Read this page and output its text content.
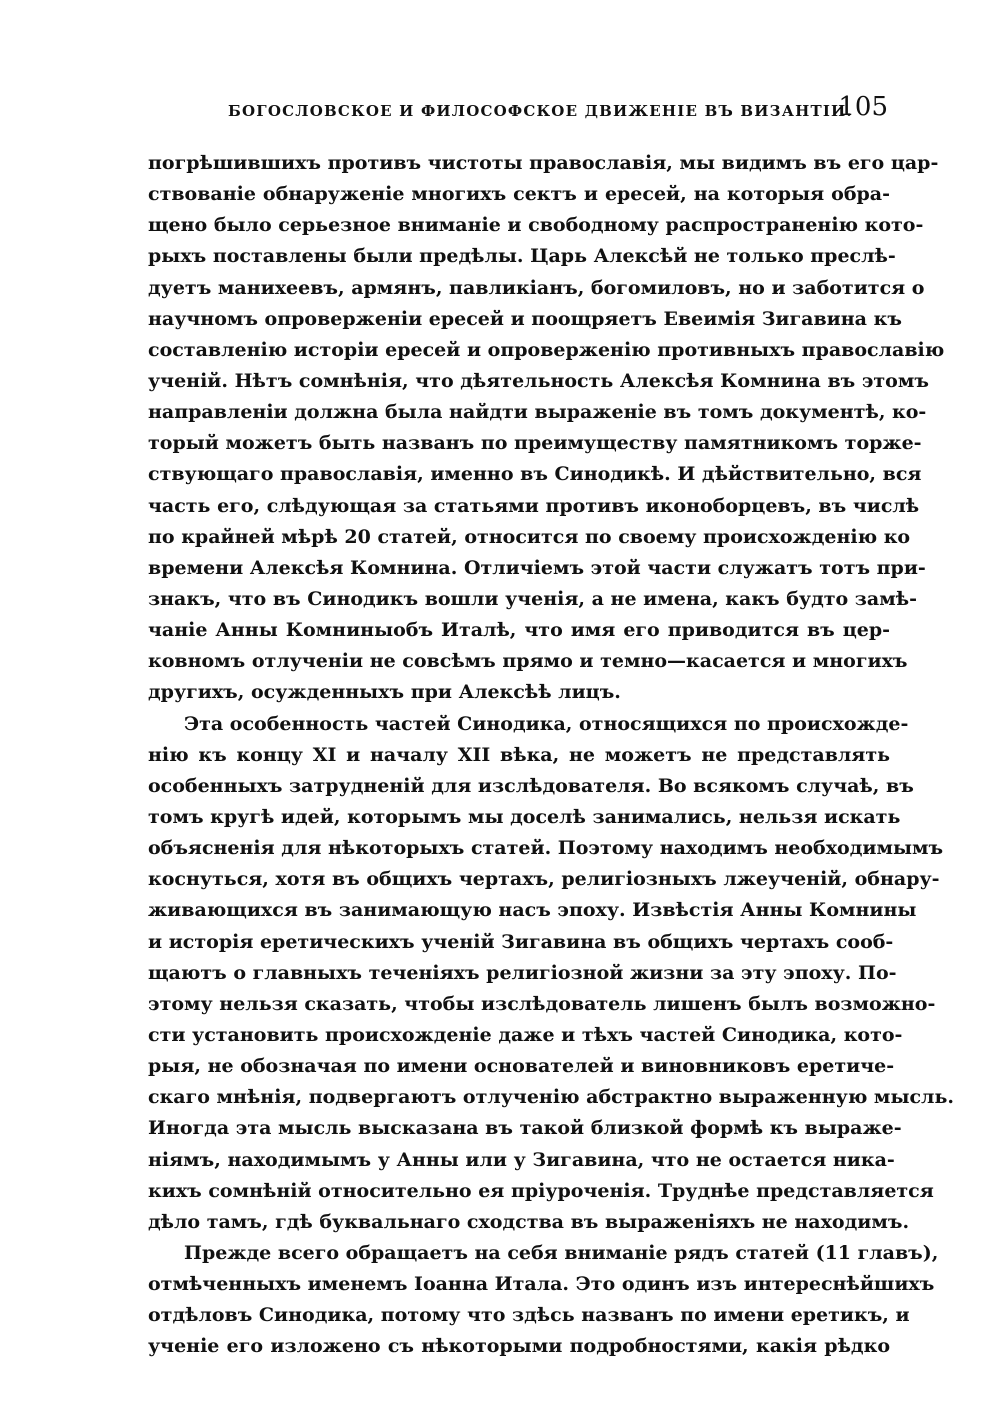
БОГОСЛОВСКОЕ И ФИЛОСОФСКОЕ ДВИЖЕНІЕ ВЪ ВИЗАНТІИ.
105
погрѣшившихъ противъ чистоты православія, мы видимъ въ его цар-
ствованіе обнаруженіе многихъ сектъ и ересей, на которыя обра-
щено было серьезное вниманіе и свободному распространенію кото-
рыхъ поставлены были предѣлы. Царь Алексѣй не только преслѣ-
дуетъ манихеевъ, армянъ, павликіанъ, богомиловъ, но и заботится о
научномъ опроверженіи ересей и поощряетъ Евеимія Зигавина къ
составленію исторіи ересей и опроверженію противныхъ православію
ученій. Нѣтъ сомнѣнія, что дѣятельность Алексѣя Комнина въ этомъ
направленіи должна была найдти выраженіе въ томъ документѣ, ко-
торый можетъ быть названъ по преимуществу памятникомъ торже-
ствующаго православія, именно въ Синодикѣ. И дѣйствительно, вся
часть его, слѣдующая за статьями противъ иконоборцевъ, въ числѣ
по крайней мѣрѣ 20 статей, относится по своему происхожденію ко
времени Алексѣя Комнина. Отличіемъ этой части служатъ тотъ при-
знакъ, что въ Синодикъ вошли ученія, а не имена, какъ будто замѣ-
чаніе Анны Комниныобъ Италѣ, что имя его приводится въ цер-
ковномъ отлученіи не совсѣмъ прямо и темно—касается и многихъ
другихъ, осужденныхъ при Алексѣѣ лицъ.
Эта особенность частей Синодика, относящихся по происхожде-
нію къ концу XI и началу XII вѣка, не можетъ не представлять
особенныхъ затрудненій для изслѣдователя. Во всякомъ случаѣ, въ
томъ кругѣ идей, которымъ мы доселѣ занимались, нельзя искать
объясненія для нѣкоторыхъ статей. Поэтому находимъ необходимымъ
коснуться, хотя въ общихъ чертахъ, религіозныхъ лжеученій, обнару-
живающихся въ занимающую насъ эпоху. Извѣстія Анны Комнины
и исторія еретическихъ ученій Зигавина въ общихъ чертахъ сооб-
щаютъ о главныхъ теченіяхъ религіозной жизни за эту эпоху. По-
этому нельзя сказать, чтобы изслѣдователь лишенъ былъ возможно-
сти установить происхожденіе даже и тѣхъ частей Синодика, кото-
рыя, не обозначая по имени основателей и виновниковъ еретиче-
скаго мнѣнія, подвергаютъ отлученію абстрактно выраженную мысль.
Иногда эта мысль высказана въ такой близкой формѣ къ выраже-
ніямъ, находимымъ у Анны или у Зигавина, что не остается ника-
кихъ сомнѣній относительно ея пріуроченія. Труднѣе представляется
дѣло тамъ, гдѣ буквальнаго сходства въ выраженіяхъ не находимъ.
Прежде всего обращаетъ на себя вниманіе рядъ статей (11 главъ),
отмѣченныхъ именемъ Іоанна Итала. Это одинъ изъ интереснѣйшихъ
отдѣловъ Синодика, потому что здѣсь названъ по имени еретикъ, и
ученіе его изложено съ нѣкоторыми подробностями, какія рѣдко
